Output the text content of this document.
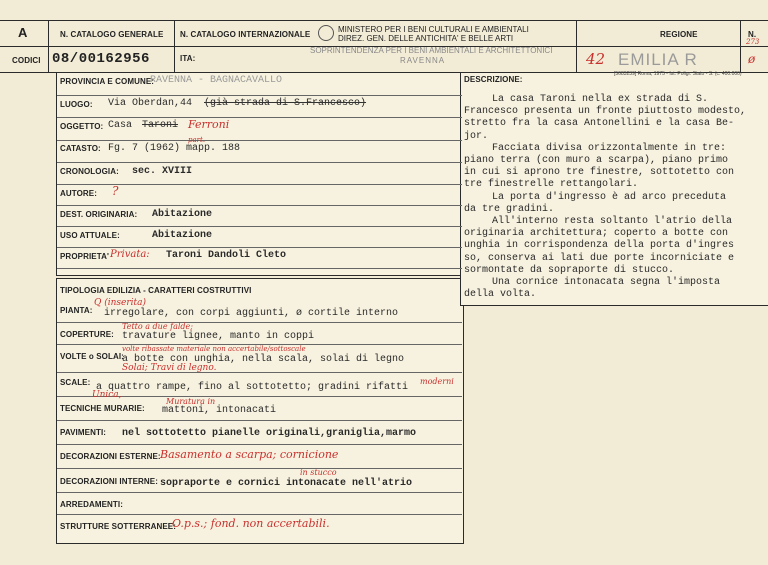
A
CODICI
N. CATALOGO GENERALE
08/00162956
N. CATALOGO INTERNAZIONALE
ITA:
MINISTERO PER I BENI CULTURALI E AMBIENTALI
DIREZ. GEN. DELLE ANTICHITA' E BELLE ARTI
SOPRINTENDENZA PER I BENI AMBIENTALI E ARCHITETTONICI
RAVENNA	42
REGIONE
EMILIA R
N.
273
ø
PROVINCIA E COMUNE:
RAVENNA - BAGNACAVALLO
LUOGO: Via Oberdan,44 (già strada di S.Francesco)
OGGETTO: Casa Taroni Ferroni
CATASTO: Fg. 7 (1962) mapp. 188
part.
CRONOLOGIA: sec. XVIII
AUTORE: ?
DEST. ORIGINARIA: Abitazione
USO ATTUALE:	Abitazione
PROPRIETA' Privata: Taroni Dandoli Cleto
TIPOLOGIA EDILIZIA - CARATTERI COSTRUTTIVI
PIANTA:
Q (inserita)
irregolare, con corpi aggiunti, ø cortile interno
COPERTURE:
Tetto a due falde;
travature lignee, manto in coppi
VOLTE o SOLAI:
volte ribassate materiale non accertabile/sottoscale
a botte con unghia, nella scala, solai di legno
Solai; Travi di legno.
SCALE: a quattro rampe, fino al sottotetto; gradini rifatti
Unica,
moderni
TECNICHE MURARIE:
Muratura in
mattoni, intonacati
PAVIMENTI: nel sottotetto pianelle originali,graniglia,marmo
DECORAZIONI ESTERNE: Basamento a scarpa; cornicione
DECORAZIONI INTERNE:
in stucco
sopraporte e cornici intonacate nell'atrio
ARREDAMENTI:
STRUTTURE SOTTERRANEE:
O.p.s.; fond. non accertabili.
DESCRIZIONE:
[5683239] Roma, 1975 - Ist. Poligr. Stato - S. (c. 400.000)

La casa Taroni nella ex strada di S.

Francesco presenta un fronte piuttosto modesto,

stretto fra la casa Antonellini e la casa Be-

jor.

Facciata divisa orizzontalmente in tre:

piano terra (con muro a scarpa), piano primo

in cui si aprono tre finestre, sottotetto con

tre finestrelle rettangolari.

La porta d'ingresso è ad arco preceduta

da tre gradini.

All'interno resta soltanto l'atrio della

originaria architettura; coperto a botte con

unghia in corrispondenza della porta d'ingres

so, conserva ai lati due porte incorniciate e

sormontate da sopraporte di stucco.

Una cornice intonacata segna l'imposta

della volta.
